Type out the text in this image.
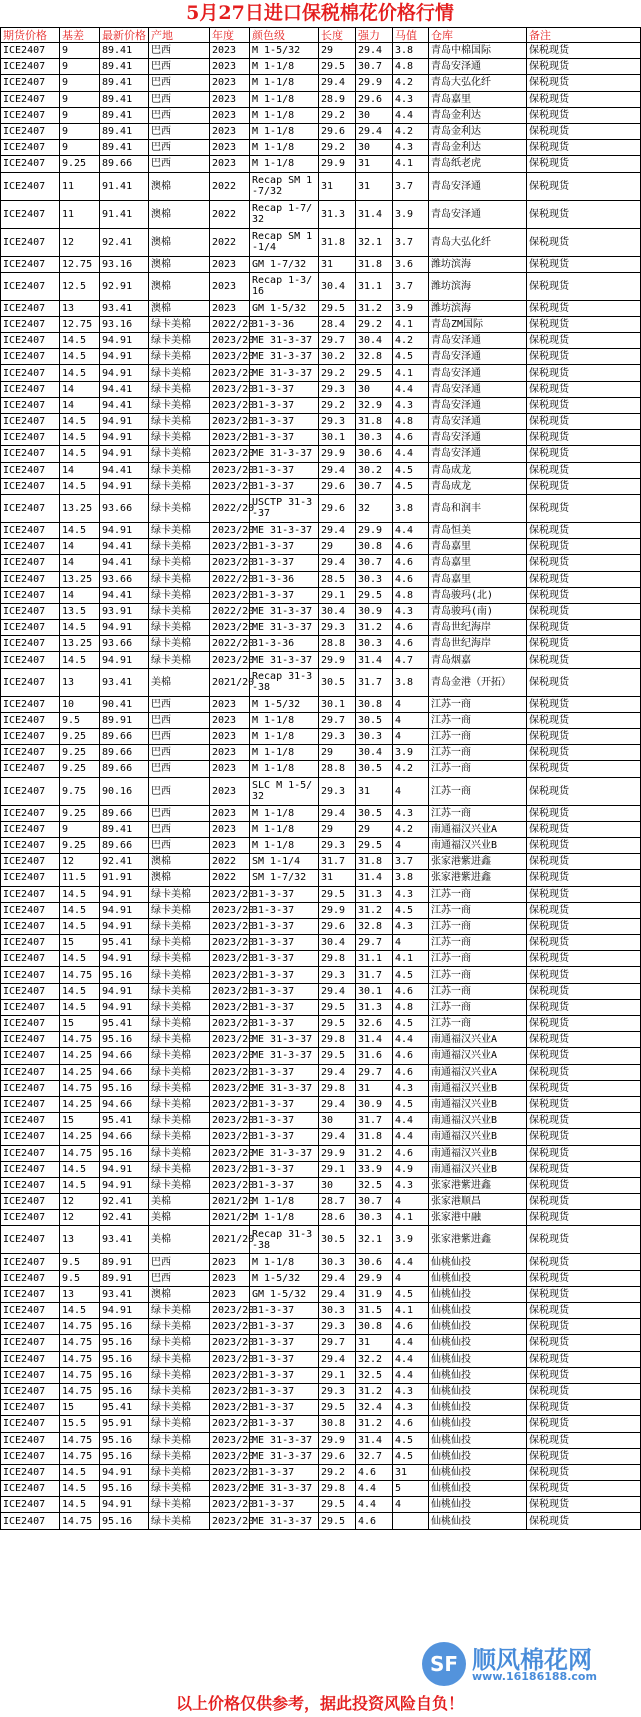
5月27日进口保税棉花价格行情
期货价格	基差	最新价格	产地	年度	颜色级	长度	强力	马值	仓库	备注
ICE2407	9	89.41	巴西	2023	M 1-5/32	29	29.4	3.8	青岛中棉国际	保税现货
ICE2407	9	89.41	巴西	2023	M 1-1/8	29.5	30.7	4.8	青岛安泽通	保税现货
ICE2407	9	89.41	巴西	2023	M 1-1/8	29.4	29.9	4.2	青岛大弘化纤	保税现货
ICE2407	9	89.41	巴西	2023	M 1-1/8	28.9	29.6	4.3	青岛嘉里	保税现货
ICE2407	9	89.41	巴西	2023	M 1-1/8	29.2	30	4.4	青岛金利达	保税现货
ICE2407	9	89.41	巴西	2023	M 1-1/8	29.6	29.4	4.2	青岛金利达	保税现货
ICE2407	9	89.41	巴西	2023	M 1-1/8	29.2	30	4.3	青岛金利达	保税现货
ICE2407	9.25	89.66	巴西	2023	M 1-1/8	29.9	31	4.1	青岛纸老虎	保税现货
ICE2407	11	91.41	澳棉	2022	Recap SM 1-7/32	31	31	3.7	青岛安泽通	保税现货
ICE2407	11	91.41	澳棉	2022	Recap 1-7/32	31.3	31.4	3.9	青岛安泽通	保税现货
ICE2407	12	92.41	澳棉	2022	Recap SM 1-1/4	31.8	32.1	3.7	青岛大弘化纤	保税现货
ICE2407	12.75	93.16	澳棉	2023	GM 1-7/32	31	31.8	3.6	潍坊滨海	保税现货
ICE2407	12.5	92.91	澳棉	2023	Recap 1-3/16	30.4	31.1	3.7	潍坊滨海	保税现货
ICE2407	13	93.41	澳棉	2023	GM 1-5/32	29.5	31.2	3.9	潍坊滨海	保税现货
ICE2407	12.75	93.16	绿卡美棉	2022/20	31-3-36	28.4	29.2	4.1	青岛ZM国际	保税现货
ICE2407	14.5	94.91	绿卡美棉	2023/20	ME 31-3-37	29.7	30.4	4.2	青岛安泽通	保税现货
ICE2407	14.5	94.91	绿卡美棉	2023/20	ME 31-3-37	30.2	32.8	4.5	青岛安泽通	保税现货
ICE2407	14.5	94.91	绿卡美棉	2023/20	ME 31-3-37	29.2	29.5	4.1	青岛安泽通	保税现货
ICE2407	14	94.41	绿卡美棉	2023/20	31-3-37	29.3	30	4.4	青岛安泽通	保税现货
ICE2407	14	94.41	绿卡美棉	2023/20	31-3-37	29.2	32.9	4.3	青岛安泽通	保税现货
ICE2407	14.5	94.91	绿卡美棉	2023/20	31-3-37	29.3	31.8	4.8	青岛安泽通	保税现货
ICE2407	14.5	94.91	绿卡美棉	2023/20	31-3-37	30.1	30.3	4.6	青岛安泽通	保税现货
ICE2407	14.5	94.91	绿卡美棉	2023/20	ME 31-3-37	29.9	30.6	4.4	青岛安泽通	保税现货
ICE2407	14	94.41	绿卡美棉	2023/20	31-3-37	29.4	30.2	4.5	青岛成龙	保税现货
ICE2407	14.5	94.91	绿卡美棉	2023/20	31-3-37	29.6	30.7	4.5	青岛成龙	保税现货
ICE2407	13.25	93.66	绿卡美棉	2022/20	USCTP 31-3-37	29.6	32	3.8	青岛和润丰	保税现货
ICE2407	14.5	94.91	绿卡美棉	2023/20	ME 31-3-37	29.4	29.9	4.4	青岛恒美	保税现货
ICE2407	14	94.41	绿卡美棉	2023/20	31-3-37	29	30.8	4.6	青岛嘉里	保税现货
ICE2407	14	94.41	绿卡美棉	2023/20	31-3-37	29.4	30.7	4.6	青岛嘉里	保税现货
ICE2407	13.25	93.66	绿卡美棉	2022/20	31-3-36	28.5	30.3	4.6	青岛嘉里	保税现货
ICE2407	14	94.41	绿卡美棉	2023/20	31-3-37	29.1	29.5	4.8	青岛骏玛(北)	保税现货
ICE2407	13.5	93.91	绿卡美棉	2022/20	ME 31-3-37	30.4	30.9	4.3	青岛骏玛(南)	保税现货
ICE2407	14.5	94.91	绿卡美棉	2023/20	ME 31-3-37	29.3	31.2	4.6	青岛世纪海岸	保税现货
ICE2407	13.25	93.66	绿卡美棉	2022/20	31-3-36	28.8	30.3	4.6	青岛世纪海岸	保税现货
ICE2407	14.5	94.91	绿卡美棉	2023/20	ME 31-3-37	29.9	31.4	4.7	青岛烟嘉	保税现货
ICE2407	13	93.41	美棉	2021/20	Recap 31-3-38	30.5	31.7	3.8	青岛金港（开拓）	保税现货
ICE2407	10	90.41	巴西	2023	M 1-5/32	30.1	30.8	4	江苏一商	保税现货
ICE2407	9.5	89.91	巴西	2023	M 1-1/8	29.7	30.5	4	江苏一商	保税现货
ICE2407	9.25	89.66	巴西	2023	M 1-1/8	29.3	30.3	4	江苏一商	保税现货
ICE2407	9.25	89.66	巴西	2023	M 1-1/8	29	30.4	3.9	江苏一商	保税现货
ICE2407	9.25	89.66	巴西	2023	M 1-1/8	28.8	30.5	4.2	江苏一商	保税现货
ICE2407	9.75	90.16	巴西	2023	SLC M 1-5/32	29.3	31	4	江苏一商	保税现货
ICE2407	9.25	89.66	巴西	2023	M 1-1/8	29.4	30.5	4.3	江苏一商	保税现货
ICE2407	9	89.41	巴西	2023	M 1-1/8	29	29	4.2	南通福汉兴业A	保税现货
ICE2407	9.25	89.66	巴西	2023	M 1-1/8	29.3	29.5	4	南通福汉兴业B	保税现货
ICE2407	12	92.41	澳棉	2022	SM 1-1/4	31.7	31.8	3.7	张家港紫进鑫	保税现货
ICE2407	11.5	91.91	澳棉	2022	SM 1-7/32	31	31.4	3.8	张家港紫进鑫	保税现货
ICE2407	14.5	94.91	绿卡美棉	2023/20	31-3-37	29.5	31.3	4.3	江苏一商	保税现货
ICE2407	14.5	94.91	绿卡美棉	2023/20	31-3-37	29.9	31.2	4.5	江苏一商	保税现货
ICE2407	14.5	94.91	绿卡美棉	2023/20	31-3-37	29.6	32.8	4.3	江苏一商	保税现货
ICE2407	15	95.41	绿卡美棉	2023/20	31-3-37	30.4	29.7	4	江苏一商	保税现货
ICE2407	14.5	94.91	绿卡美棉	2023/20	31-3-37	29.8	31.1	4.1	江苏一商	保税现货
ICE2407	14.75	95.16	绿卡美棉	2023/20	31-3-37	29.3	31.7	4.5	江苏一商	保税现货
ICE2407	14.5	94.91	绿卡美棉	2023/20	31-3-37	29.4	30.1	4.6	江苏一商	保税现货
ICE2407	14.5	94.91	绿卡美棉	2023/20	31-3-37	29.5	31.3	4.8	江苏一商	保税现货
ICE2407	15	95.41	绿卡美棉	2023/20	31-3-37	29.5	32.6	4.5	江苏一商	保税现货
ICE2407	14.75	95.16	绿卡美棉	2023/20	ME 31-3-37	29.8	31.4	4.4	南通福汉兴业A	保税现货
ICE2407	14.25	94.66	绿卡美棉	2023/20	ME 31-3-37	29.5	31.6	4.6	南通福汉兴业A	保税现货
ICE2407	14.25	94.66	绿卡美棉	2023/20	31-3-37	29.4	29.7	4.6	南通福汉兴业A	保税现货
ICE2407	14.75	95.16	绿卡美棉	2023/20	ME 31-3-37	29.8	31	4.3	南通福汉兴业B	保税现货
ICE2407	14.25	94.66	绿卡美棉	2023/20	31-3-37	29.4	30.9	4.5	南通福汉兴业B	保税现货
ICE2407	15	95.41	绿卡美棉	2023/20	31-3-37	30	31.7	4.4	南通福汉兴业B	保税现货
ICE2407	14.25	94.66	绿卡美棉	2023/20	31-3-37	29.4	31.8	4.4	南通福汉兴业B	保税现货
ICE2407	14.75	95.16	绿卡美棉	2023/20	ME 31-3-37	29.9	31.2	4.6	南通福汉兴业B	保税现货
ICE2407	14.5	94.91	绿卡美棉	2023/20	31-3-37	29.1	33.9	4.9	南通福汉兴业B	保税现货
ICE2407	14.5	94.91	绿卡美棉	2023/20	31-3-37	30	32.5	4.3	张家港紫进鑫	保税现货
ICE2407	12	92.41	美棉	2021/20	M 1-1/8	28.7	30.7	4	张家港顺昌	保税现货
ICE2407	12	92.41	美棉	2021/20	M 1-1/8	28.6	30.3	4.1	张家港中融	保税现货
ICE2407	13	93.41	美棉	2021/20	Recap 31-3-38	30.5	32.1	3.9	张家港紫进鑫	保税现货
ICE2407	9.5	89.91	巴西	2023	M 1-1/8	30.3	30.6	4.4	仙桃仙投	保税现货
ICE2407	9.5	89.91	巴西	2023	M 1-5/32	29.4	29.9	4	仙桃仙投	保税现货
ICE2407	13	93.41	澳棉	2023	GM 1-5/32	29.4	31.9	4.5	仙桃仙投	保税现货
ICE2407	14.5	94.91	绿卡美棉	2023/20	31-3-37	30.3	31.5	4.1	仙桃仙投	保税现货
ICE2407	14.75	95.16	绿卡美棉	2023/20	31-3-37	29.3	30.8	4.6	仙桃仙投	保税现货
ICE2407	14.75	95.16	绿卡美棉	2023/20	31-3-37	29.7	31	4.4	仙桃仙投	保税现货
ICE2407	14.75	95.16	绿卡美棉	2023/20	31-3-37	29.4	32.2	4.4	仙桃仙投	保税现货
ICE2407	14.75	95.16	绿卡美棉	2023/20	31-3-37	29.1	32.5	4.4	仙桃仙投	保税现货
ICE2407	14.75	95.16	绿卡美棉	2023/20	31-3-37	29.3	31.2	4.3	仙桃仙投	保税现货
ICE2407	15	95.41	绿卡美棉	2023/20	31-3-37	29.5	32.4	4.3	仙桃仙投	保税现货
ICE2407	15.5	95.91	绿卡美棉	2023/20	31-3-37	30.8	31.2	4.6	仙桃仙投	保税现货
ICE2407	14.75	95.16	绿卡美棉	2023/20	ME 31-3-37	29.9	31.4	4.5	仙桃仙投	保税现货
ICE2407	14.75	95.16	绿卡美棉	2023/20	ME 31-3-37	29.6	32.7	4.5	仙桃仙投	保税现货
ICE2407	14.5	94.91	绿卡美棉	2023/20	31-3-37	29.2	4.6	31	仙桃仙投	保税现货
ICE2407	14.5	95.16	绿卡美棉	2023/20	ME 31-3-37	29.8	4.4	5	仙桃仙投	保税现货
ICE2407	14.5	94.91	绿卡美棉	2023/20	31-3-37	29.5	4.4	4	仙桃仙投	保税现货
ICE2407	14.75	95.16	绿卡美棉	2023/20	ME 31-3-37	29.5	4.6		仙桃仙投	保税现货
SF 顺风棉花网
www.16186188.com
以上价格仅供参考，据此投资风险自负！
